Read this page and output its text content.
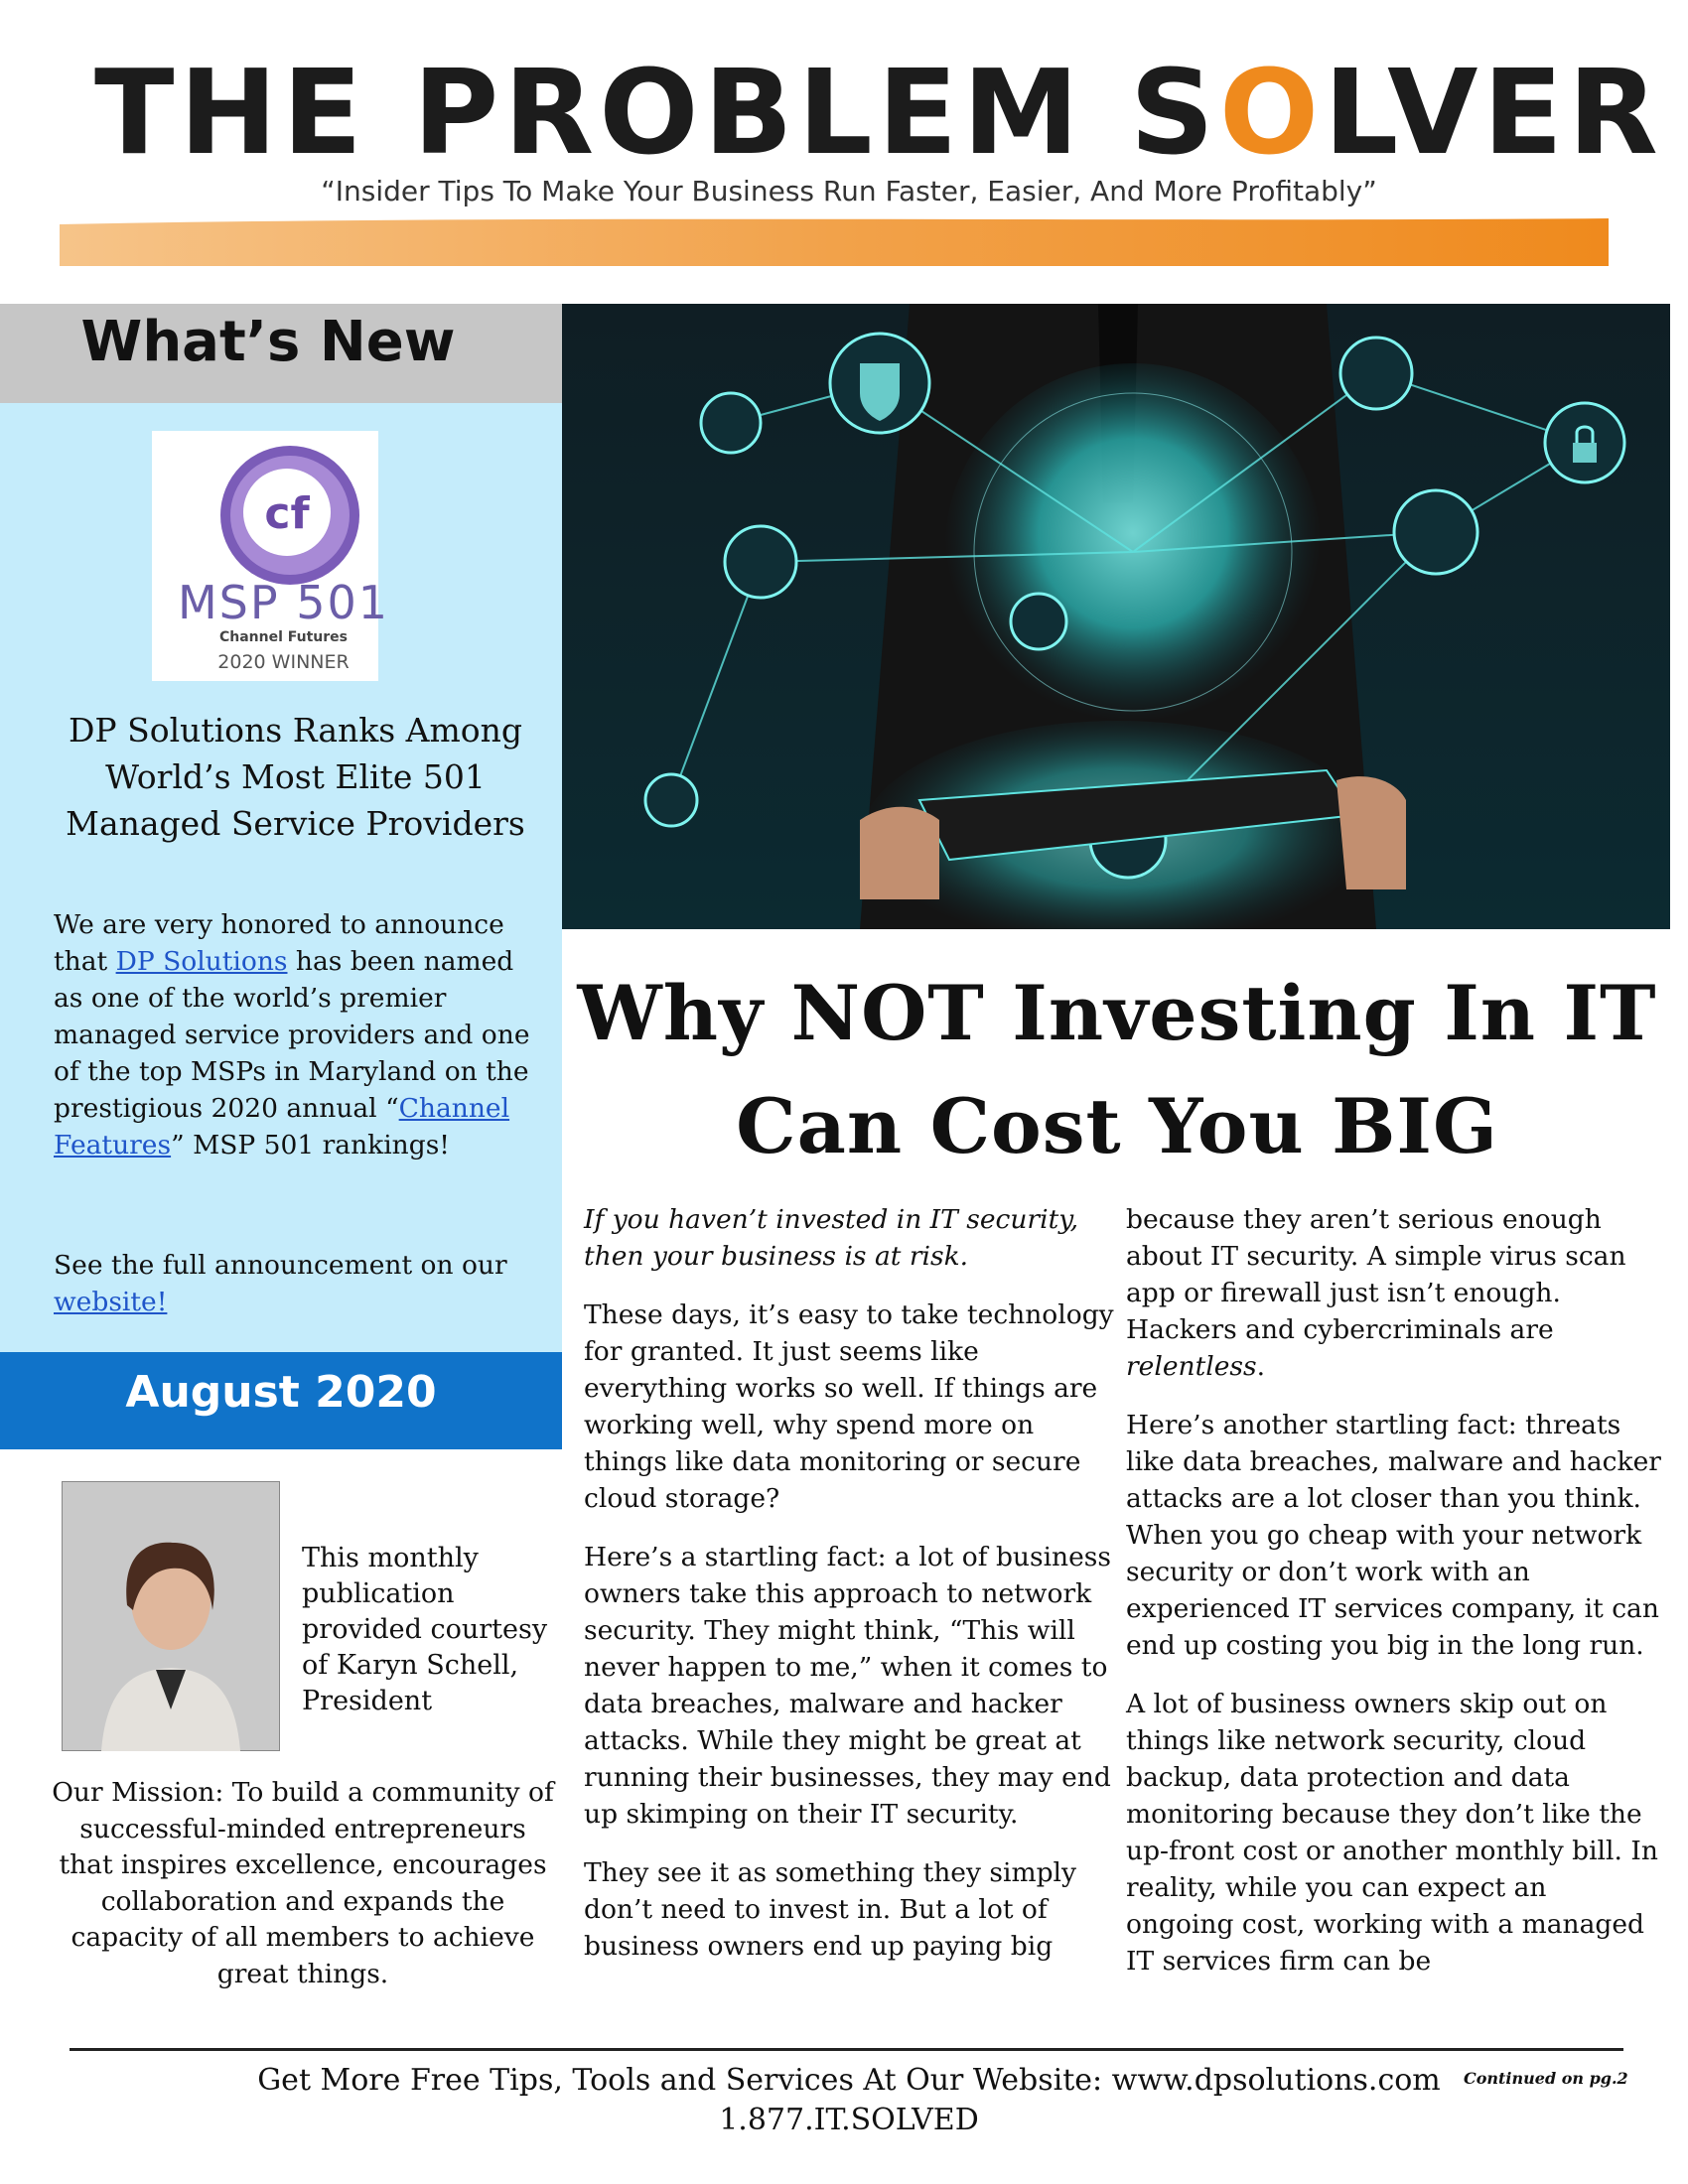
THE PROBLEM SOLVER
“Insider Tips To Make Your Business Run Faster, Easier, And More Profitably”
What’s New
cf
MSP 501
Channel Futures
2020 WINNER
DP Solutions Ranks Among World’s Most Elite 501 Managed Service Providers
We are very honored to announce that DP Solutions has been named as one of the world’s premier managed service providers and one of the top MSPs in Maryland on the prestigious 2020 annual “Channel Features” MSP 501 rankings!
See the full announcement on our website!
August 2020
This monthly publication provided courtesy of Karyn Schell, President
Our Mission: To build a community of successful-minded entrepreneurs that inspires excellence, encourages collaboration and expands the capacity of all members to achieve great things.
Why NOT Investing In IT
Can Cost You BIG

If you haven’t invested in IT security, then your business is at risk.

These days, it’s easy to take technology for granted. It just seems like everything works so well. If things are working well, why spend more on things like data monitoring or secure cloud storage?

Here’s a startling fact: a lot of business owners take this approach to network security. They might think, “This will never happen to me,” when it comes to data breaches, malware and hacker attacks. While they might be great at running their businesses, they may end up skimping on their IT security.

They see it as something they simply don’t need to invest in. But a lot of business owners end up paying big

because they aren’t serious enough about IT security. A simple virus scan app or firewall just isn’t enough. Hackers and cybercriminals are relentless.

Here’s another startling fact: threats like data breaches, malware and hacker attacks are a lot closer than you think. When you go cheap with your network security or don’t work with an experienced IT services company, it can end up costing you big in the long run.

A lot of business owners skip out on things like network security, cloud backup, data protection and data monitoring because they don’t like the up-front cost or another monthly bill. In reality, while you can expect an ongoing cost, working with a managed IT services firm can be

Get More Free Tips, Tools and Services At Our Website: www.dpsolutions.com
1.877.IT.SOLVED
Continued on pg.2
